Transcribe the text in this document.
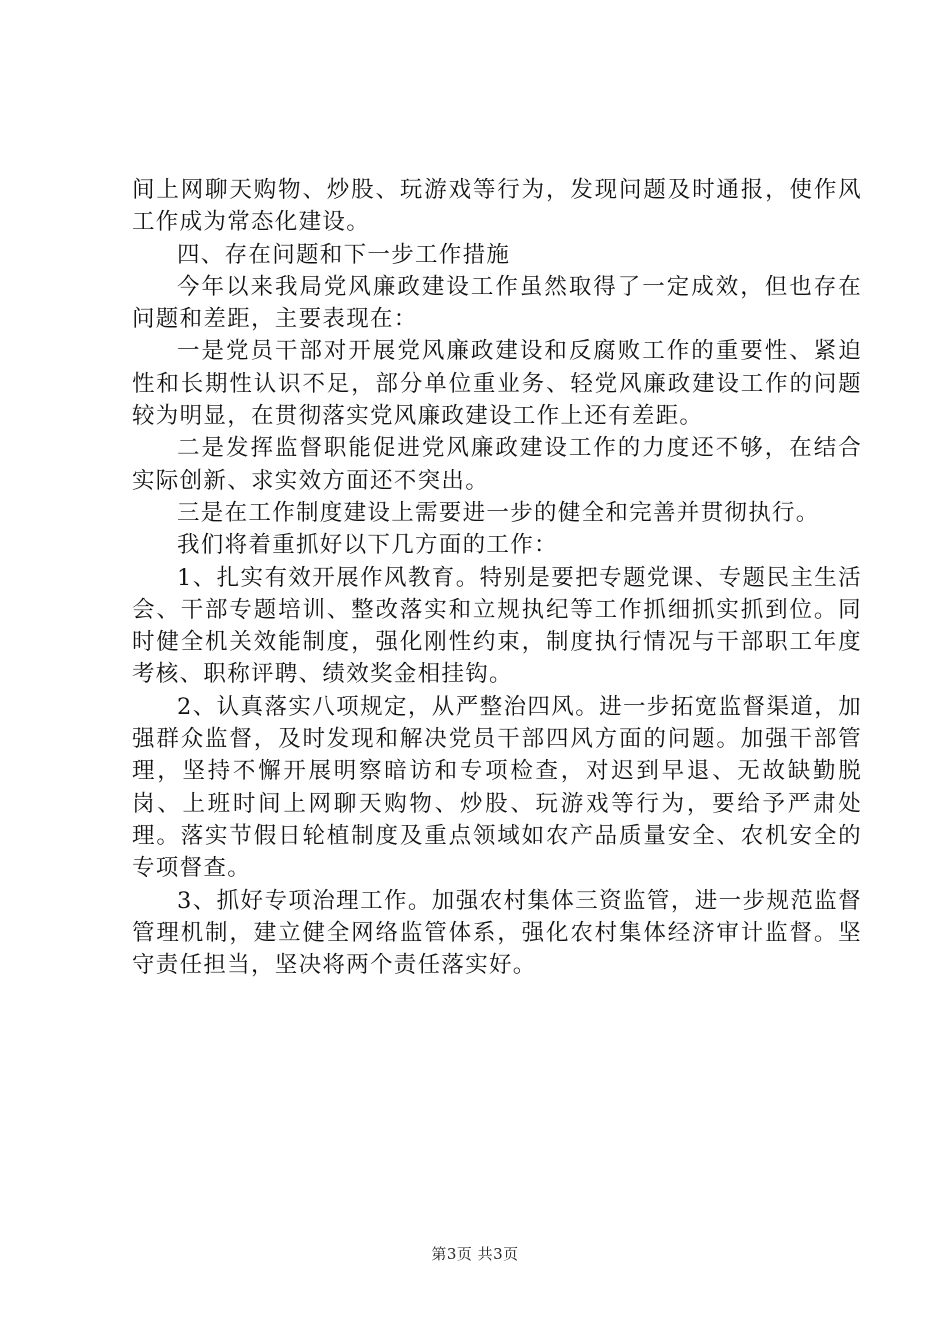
间上网聊天购物、炒股、玩游戏等行为，发现问题及时通报，使作风工作成为常态化建设。

四、存在问题和下一步工作措施

今年以来我局党风廉政建设工作虽然取得了一定成效，但也存在问题和差距，主要表现在：

一是党员干部对开展党风廉政建设和反腐败工作的重要性、紧迫性和长期性认识不足，部分单位重业务、轻党风廉政建设工作的问题较为明显，在贯彻落实党风廉政建设工作上还有差距。

二是发挥监督职能促进党风廉政建设工作的力度还不够，在结合实际创新、求实效方面还不突出。

三是在工作制度建设上需要进一步的健全和完善并贯彻执行。

我们将着重抓好以下几方面的工作：

1、扎实有效开展作风教育。特别是要把专题党课、专题民主生活会、干部专题培训、整改落实和立规执纪等工作抓细抓实抓到位。同时健全机关效能制度，强化刚性约束，制度执行情况与干部职工年度考核、职称评聘、绩效奖金相挂钩。

2、认真落实八项规定，从严整治四风。进一步拓宽监督渠道，加强群众监督，及时发现和解决党员干部四风方面的问题。加强干部管理，坚持不懈开展明察暗访和专项检查，对迟到早退、无故缺勤脱岗、上班时间上网聊天购物、炒股、玩游戏等行为，要给予严肃处理。落实节假日轮植制度及重点领域如农产品质量安全、农机安全的专项督查。

3、抓好专项治理工作。加强农村集体三资监管，进一步规范监督管理机制，建立健全网络监管体系，强化农村集体经济审计监督。坚守责任担当，坚决将两个责任落实好。

第3页 共3页
